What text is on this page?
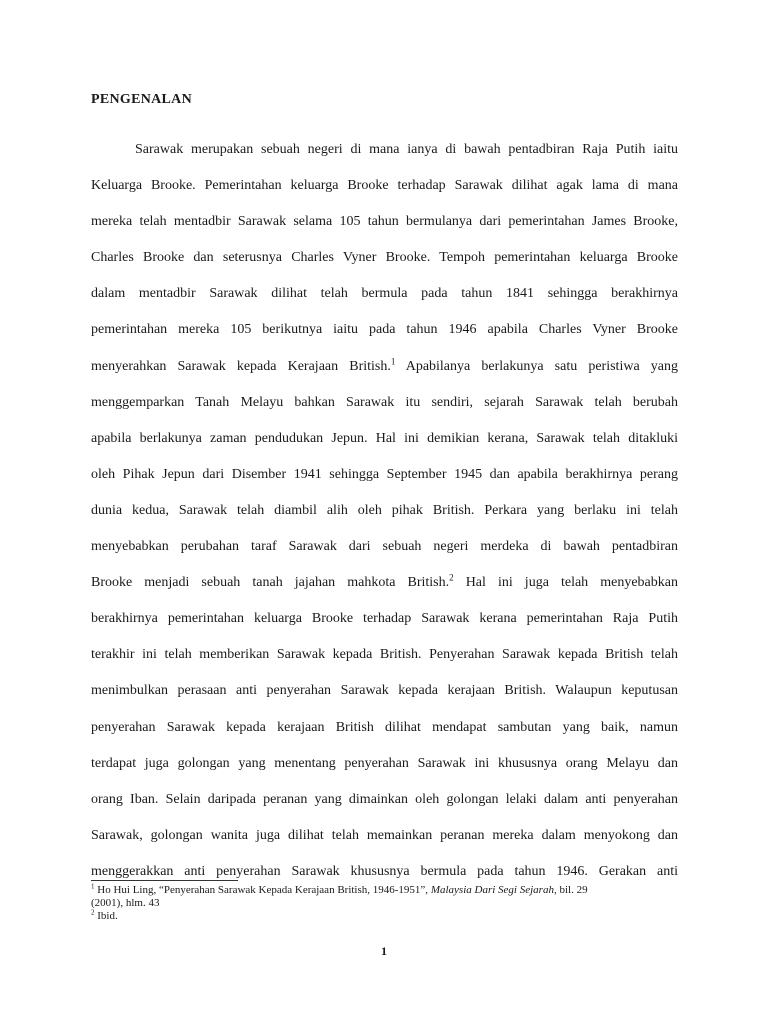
PENGENALAN
Sarawak merupakan sebuah negeri di mana ianya di bawah pentadbiran Raja Putih iaitu
Keluarga Brooke. Pemerintahan keluarga Brooke terhadap Sarawak dilihat agak lama di mana
mereka telah mentadbir Sarawak selama 105 tahun bermulanya dari pemerintahan James Brooke,
Charles Brooke dan seterusnya Charles Vyner Brooke. Tempoh pemerintahan keluarga Brooke
dalam mentadbir Sarawak dilihat telah bermula pada tahun 1841 sehingga berakhirnya
pemerintahan mereka 105 berikutnya iaitu pada tahun 1946 apabila Charles Vyner Brooke
menyerahkan Sarawak kepada Kerajaan British.$^1$ Apabilanya berlakunya satu peristiwa yang
menggemparkan Tanah Melayu bahkan Sarawak itu sendiri, sejarah Sarawak telah berubah
apabila berlakunya zaman pendudukan Jepun. Hal ini demikian kerana, Sarawak telah ditakluki
oleh Pihak Jepun dari Disember 1941 sehingga September 1945 dan apabila berakhirnya perang
dunia kedua, Sarawak telah diambil alih oleh pihak British. Perkara yang berlaku ini telah
menyebabkan perubahan taraf Sarawak dari sebuah negeri merdeka di bawah pentadbiran
Brooke menjadi sebuah tanah jajahan mahkota British.$^2$ Hal ini juga telah menyebabkan
berakhirnya pemerintahan keluarga Brooke terhadap Sarawak kerana pemerintahan Raja Putih
terakhir ini telah memberikan Sarawak kepada British. Penyerahan Sarawak kepada British telah
menimbulkan perasaan anti penyerahan Sarawak kepada kerajaan British. Walaupun keputusan
penyerahan Sarawak kepada kerajaan British dilihat mendapat sambutan yang baik, namun
terdapat juga golongan yang menentang penyerahan Sarawak ini khususnya orang Melayu dan
orang Iban. Selain daripada peranan yang dimainkan oleh golongan lelaki dalam anti penyerahan
Sarawak, golongan wanita juga dilihat telah memainkan peranan mereka dalam menyokong dan
menggerakkan anti penyerahan Sarawak khususnya bermula pada tahun 1946. Gerakan anti
$^1$ Ho Hui Ling, “Penyerahan Sarawak Kepada Kerajaan British, 1946-1951”, Malaysia Dari Segi Sejarah, bil. 29
(2001), hlm. 43
$^2$ Ibid.
1
